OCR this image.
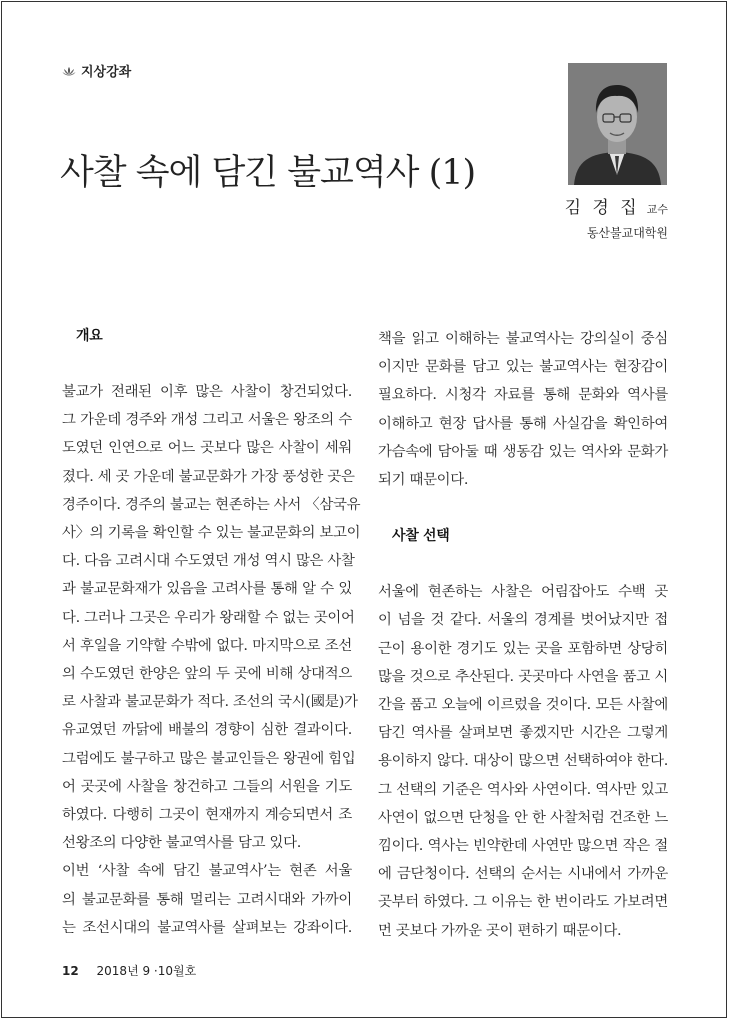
지상강좌
사찰 속에 담긴 불교역사 (1)
김 경 집 교수
동산불교대학원
개요

불교가 전래된 이후 많은 사찰이 창건되었다.
그 가운데 경주와 개성 그리고 서울은 왕조의 수
도였던 인연으로 어느 곳보다 많은 사찰이 세워
졌다. 세 곳 가운데 불교문화가 가장 풍성한 곳은
경주이다. 경주의 불교는 현존하는 사서 〈삼국유
사〉의 기록을 확인할 수 있는 불교문화의 보고이
다. 다음 고려시대 수도였던 개성 역시 많은 사찰
과 불교문화재가 있음을 고려사를 통해 알 수 있
다. 그러나 그곳은 우리가 왕래할 수 없는 곳이어
서 후일을 기약할 수밖에 없다. 마지막으로 조선
의 수도였던 한양은 앞의 두 곳에 비해 상대적으
로 사찰과 불교문화가 적다. 조선의 국시(國是)가
유교였던 까닭에 배불의 경향이 심한 결과이다.
그럼에도 불구하고 많은 불교인들은 왕권에 힘입
어 곳곳에 사찰을 창건하고 그들의 서원을 기도
하였다. 다행히 그곳이 현재까지 계승되면서 조
선왕조의 다양한 불교역사를 담고 있다.

이번 ‘사찰 속에 담긴 불교역사’는 현존 서울
의 불교문화를 통해 멀리는 고려시대와 가까이
는 조선시대의 불교역사를 살펴보는 강좌이다.

책을 읽고 이해하는 불교역사는 강의실이 중심
이지만 문화를 담고 있는 불교역사는 현장감이
필요하다. 시청각 자료를 통해 문화와 역사를
이해하고 현장 답사를 통해 사실감을 확인하여
가슴속에 담아둘 때 생동감 있는 역사와 문화가
되기 때문이다.

사찰 선택

서울에 현존하는 사찰은 어림잡아도 수백 곳
이 넘을 것 같다. 서울의 경계를 벗어났지만 접
근이 용이한 경기도 있는 곳을 포함하면 상당히
많을 것으로 추산된다. 곳곳마다 사연을 품고 시
간을 품고 오늘에 이르렀을 것이다. 모든 사찰에
담긴 역사를 살펴보면 좋겠지만 시간은 그렇게
용이하지 않다. 대상이 많으면 선택하여야 한다.
그 선택의 기준은 역사와 사연이다. 역사만 있고
사연이 없으면 단청을 안 한 사찰처럼 건조한 느
낌이다. 역사는 빈약한데 사연만 많으면 작은 절
에 금단청이다. 선택의 순서는 시내에서 가까운
곳부터 하였다. 그 이유는 한 번이라도 가보려면
먼 곳보다 가까운 곳이 편하기 때문이다.

12 2018년 9 ·10월호
